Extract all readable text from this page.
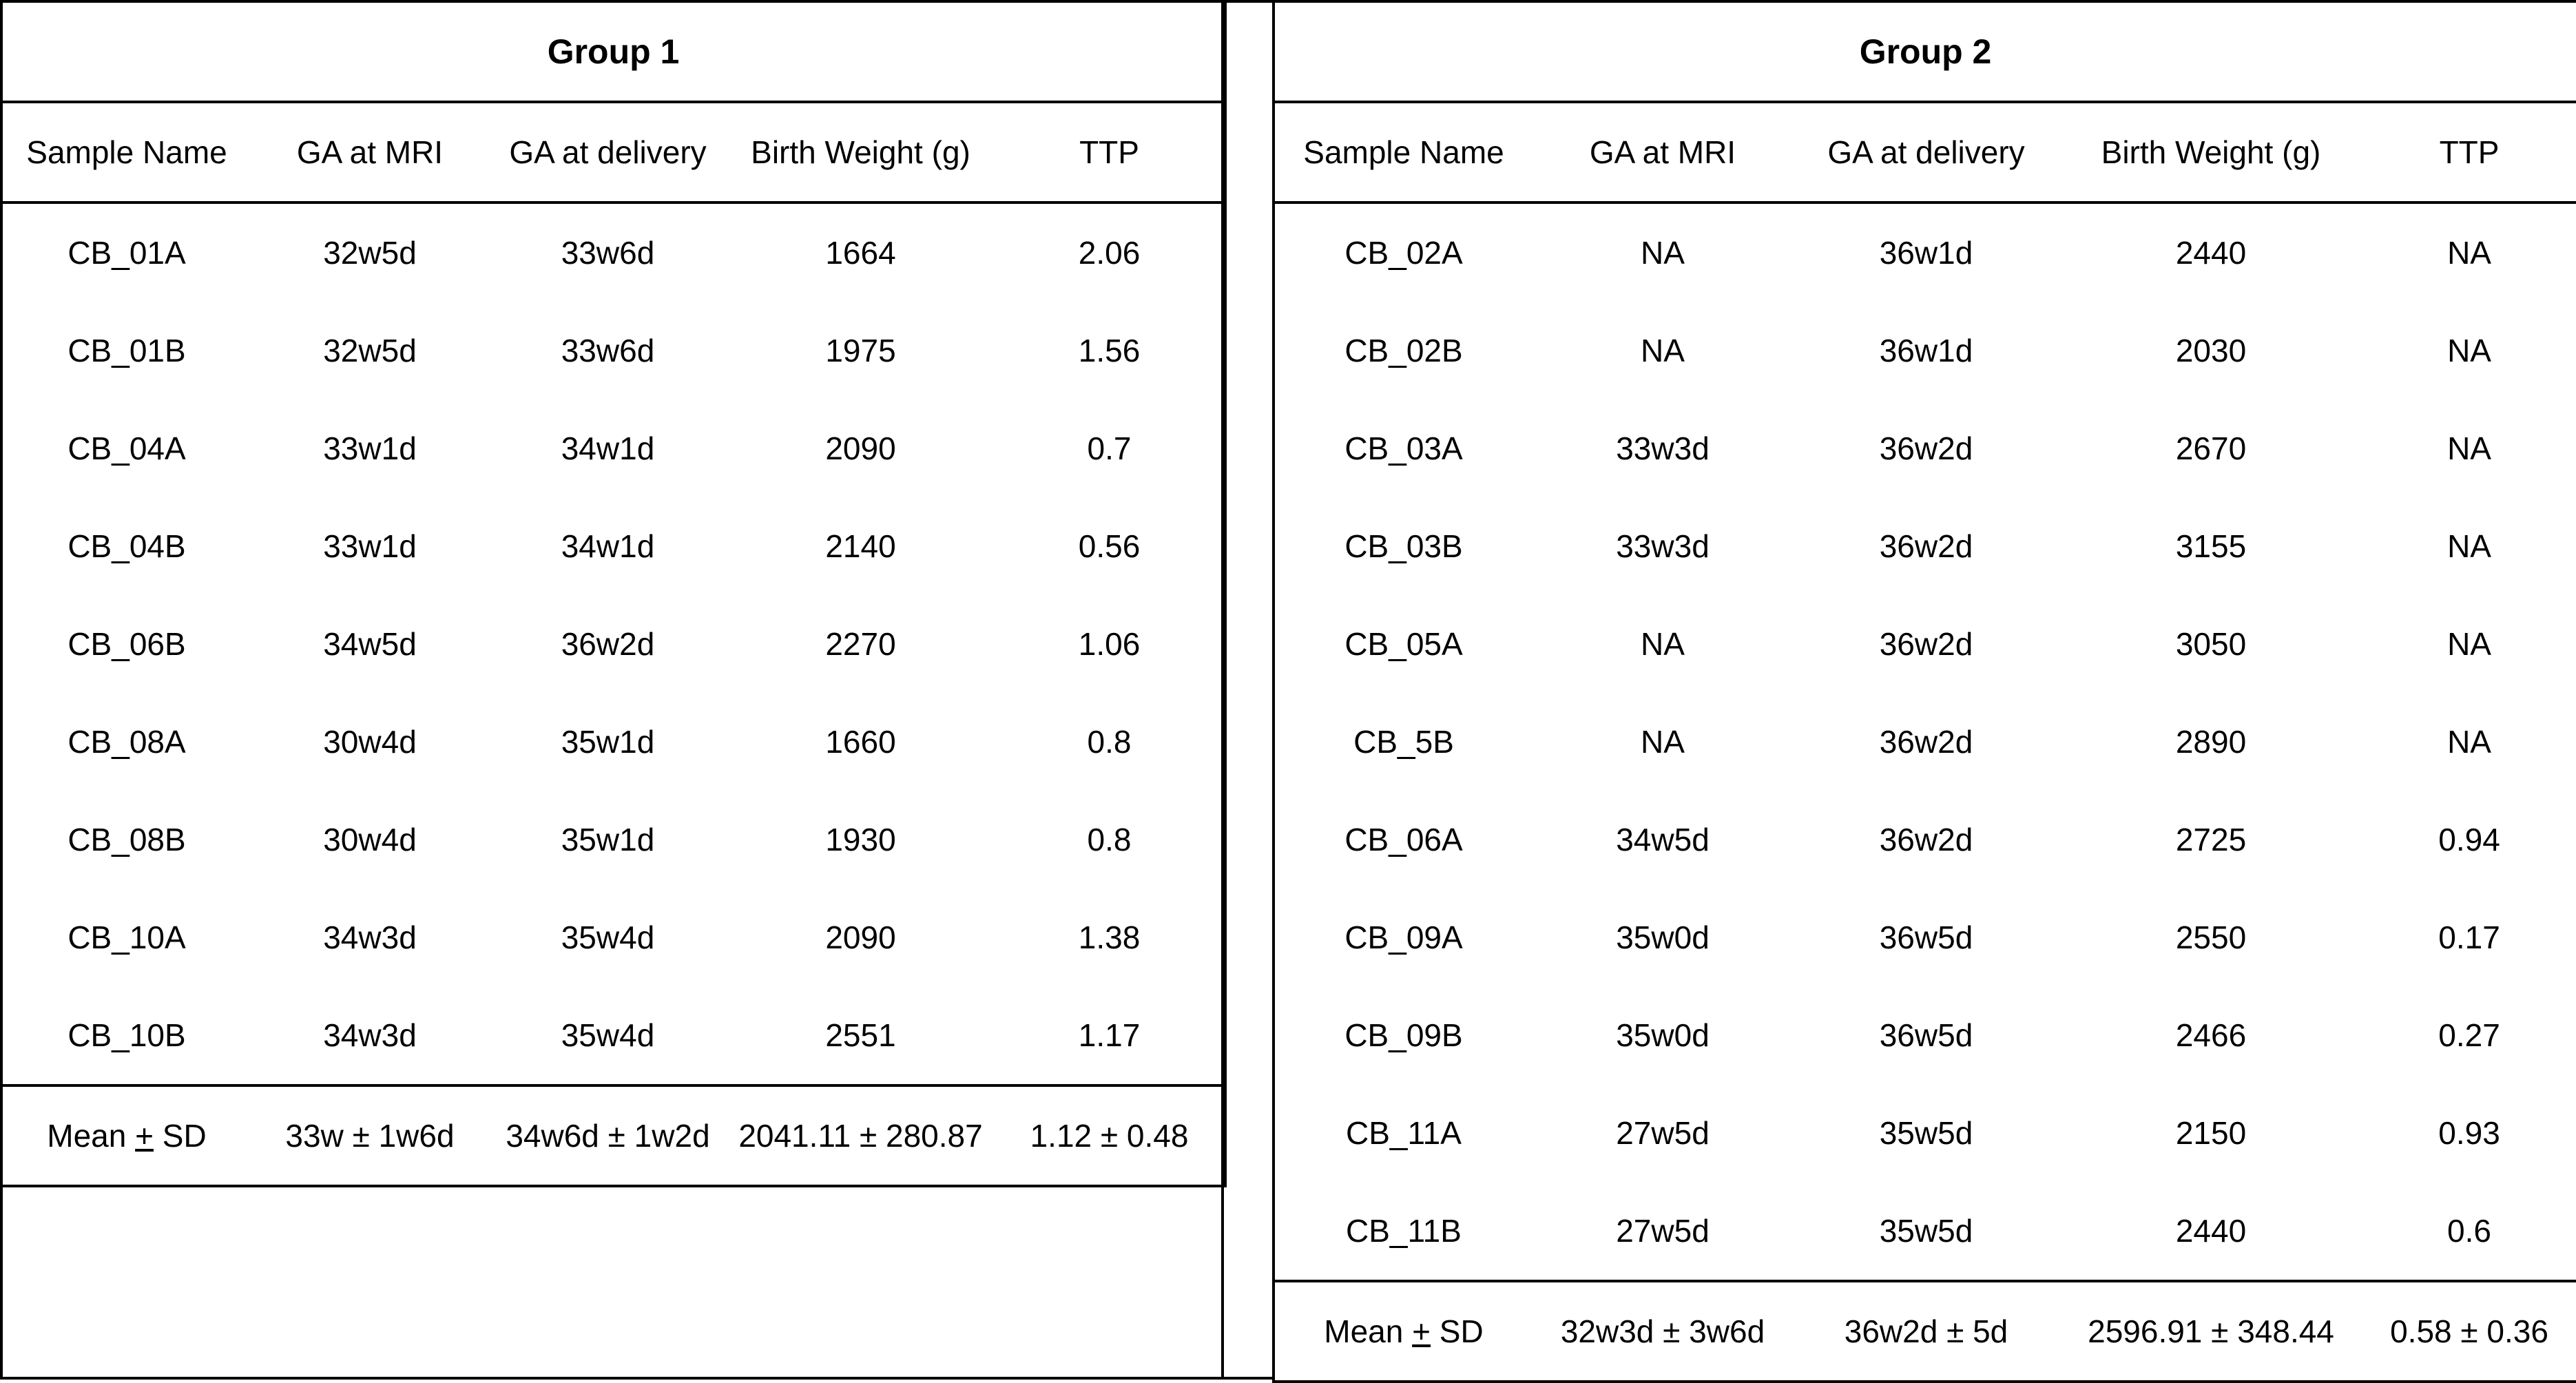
Group 1				
Sample Name	GA at MRI	GA at delivery	Birth Weight (g)	TTP
CB_01A	32w5d	33w6d	1664	2.06
CB_01B	32w5d	33w6d	1975	1.56
CB_04A	33w1d	34w1d	2090	0.7
CB_04B	33w1d	34w1d	2140	0.56
CB_06B	34w5d	36w2d	2270	1.06
CB_08A	30w4d	35w1d	1660	0.8
CB_08B	30w4d	35w1d	1930	0.8
CB_10A	34w3d	35w4d	2090	1.38
CB_10B	34w3d	35w4d	2551	1.17
Mean + SD	33w ± 1w6d	34w6d ± 1w2d	2041.11 ± 280.87	1.12 ± 0.48
Group 2				
Sample Name	GA at MRI	GA at delivery	Birth Weight (g)	TTP
CB_02A	NA	36w1d	2440	NA
CB_02B	NA	36w1d	2030	NA
CB_03A	33w3d	36w2d	2670	NA
CB_03B	33w3d	36w2d	3155	NA
CB_05A	NA	36w2d	3050	NA
CB_5B	NA	36w2d	2890	NA
CB_06A	34w5d	36w2d	2725	0.94
CB_09A	35w0d	36w5d	2550	0.17
CB_09B	35w0d	36w5d	2466	0.27
CB_11A	27w5d	35w5d	2150	0.93
CB_11B	27w5d	35w5d	2440	0.6
Mean + SD	32w3d ± 3w6d	36w2d ± 5d	2596.91 ± 348.44	0.58 ± 0.36
